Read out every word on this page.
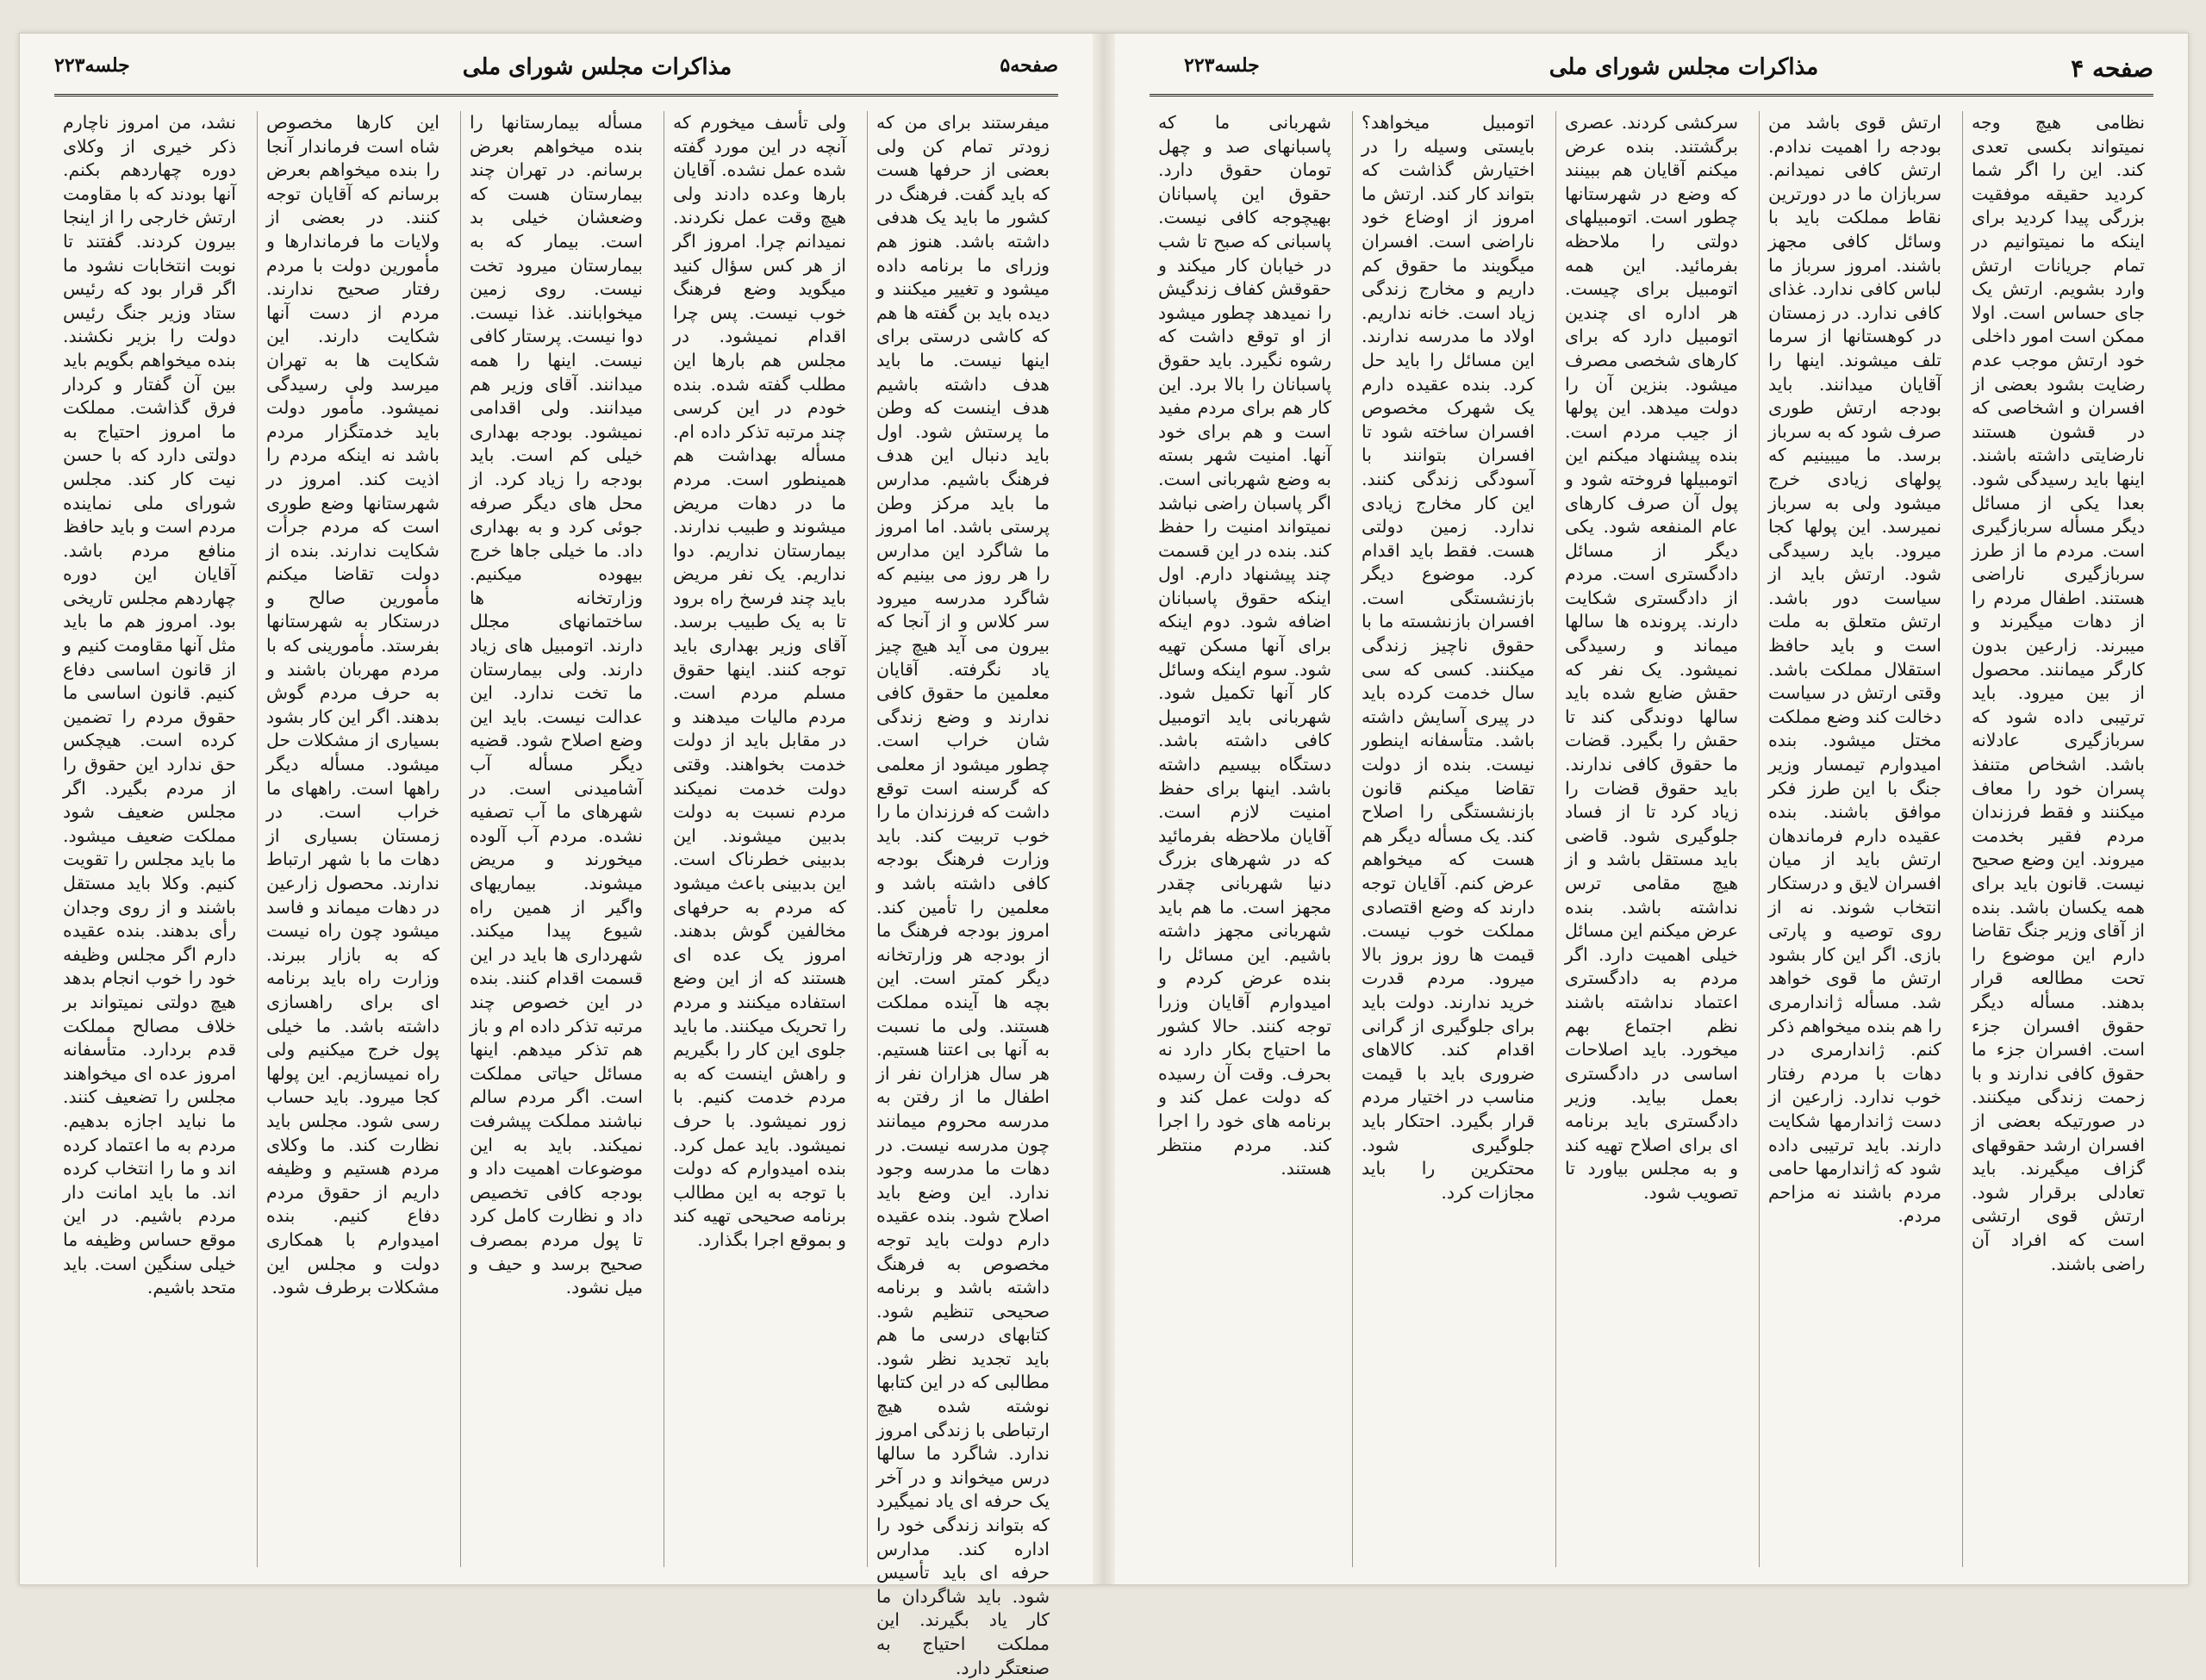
صفحه ۴
مذاکرات مجلس شورای ملی
جلسه۲۲۳

نظامی هیچ وجه نمیتواند بکسی تعدی کند. این را اگر شما کردید حقیقه موفقیت بزرگی پیدا کردید برای اینکه ما نمیتوانیم در تمام جریانات ارتش وارد بشویم. ارتش یک جای حساس است. اولا ممکن است امور داخلی خود ارتش موجب عدم رضایت بشود بعضی از افسران و اشخاصی که در قشون هستند نارضایتی داشته باشند. اینها باید رسیدگی شود. بعدا یکی از مسائل دیگر مسأله سربازگیری است. مردم ما از طرز سربازگیری ناراضی هستند. اطفال مردم را از دهات میگیرند و میبرند. زارعین بدون کارگر میمانند. محصول از بین میرود. باید ترتیبی داده شود که سربازگیری عادلانه باشد. اشخاص متنفذ پسران خود را معاف میکنند و فقط فرزندان مردم فقیر بخدمت میروند. این وضع صحیح نیست. قانون باید برای همه یکسان باشد. بنده از آقای وزیر جنگ تقاضا دارم این موضوع را تحت مطالعه قرار بدهند. مسأله دیگر حقوق افسران جزء است. افسران جزء ما حقوق کافی ندارند و با زحمت زندگی میکنند. در صورتیکه بعضی از افسران ارشد حقوقهای گزاف میگیرند. باید تعادلی برقرار شود. ارتش قوی ارتشی است که افراد آن راضی باشند.

ارتش قوی باشد من بودجه را اهمیت ندادم. ارتش کافی نمیدانم. سربازان ما در دورترین نقاط مملکت باید با وسائل کافی مجهز باشند. امروز سرباز ما لباس کافی ندارد. غذای کافی ندارد. در زمستان در کوهستانها از سرما تلف میشوند. اینها را آقایان میدانند. باید بودجه ارتش طوری صرف شود که به سرباز برسد. ما میبینیم که پولهای زیادی خرج میشود ولی به سرباز نمیرسد. این پولها کجا میرود. باید رسیدگی شود. ارتش باید از سیاست دور باشد. ارتش متعلق به ملت است و باید حافظ استقلال مملکت باشد. وقتی ارتش در سیاست دخالت کند وضع مملکت مختل میشود. بنده امیدوارم تیمسار وزیر جنگ با این طرز فکر موافق باشند. بنده عقیده دارم فرماندهان ارتش باید از میان افسران لایق و درستکار انتخاب شوند. نه از روی توصیه و پارتی بازی. اگر این کار بشود ارتش ما قوی خواهد شد. مسأله ژاندارمری را هم بنده میخواهم ذکر کنم. ژاندارمری در دهات با مردم رفتار خوب ندارد. زارعین از دست ژاندارمها شکایت دارند. باید ترتیبی داده شود که ژاندارمها حامی مردم باشند نه مزاحم مردم.

سرکشی کردند. عصری برگشتند. بنده عرض میکنم آقایان هم ببینند که وضع در شهرستانها چطور است. اتومبیلهای دولتی را ملاحظه بفرمائید. این همه اتومبیل برای چیست. هر اداره ای چندین اتومبیل دارد که برای کارهای شخصی مصرف میشود. بنزین آن را دولت میدهد. این پولها از جیب مردم است. بنده پیشنهاد میکنم این اتومبیلها فروخته شود و پول آن صرف کارهای عام المنفعه شود. یکی دیگر از مسائل دادگستری است. مردم از دادگستری شکایت دارند. پرونده ها سالها میماند و رسیدگی نمیشود. یک نفر که حقش ضایع شده باید سالها دوندگی کند تا حقش را بگیرد. قضات ما حقوق کافی ندارند. باید حقوق قضات را زیاد کرد تا از فساد جلوگیری شود. قاضی باید مستقل باشد و از هیچ مقامی ترس نداشته باشد. بنده عرض میکنم این مسائل خیلی اهمیت دارد. اگر مردم به دادگستری اعتماد نداشته باشند نظم اجتماع بهم میخورد. باید اصلاحات اساسی در دادگستری بعمل بیاید. وزیر دادگستری باید برنامه ای برای اصلاح تهیه کند و به مجلس بیاورد تا تصویب شود.

اتومبیل میخواهد؟ بایستی وسیله را در اختیارش گذاشت که بتواند کار کند. ارتش ما امروز از اوضاع خود ناراضی است. افسران میگویند ما حقوق کم داریم و مخارج زندگی زیاد است. خانه نداریم. اولاد ما مدرسه ندارند. این مسائل را باید حل کرد. بنده عقیده دارم یک شهرک مخصوص افسران ساخته شود تا افسران بتوانند با آسودگی زندگی کنند. این کار مخارج زیادی ندارد. زمین دولتی هست. فقط باید اقدام کرد. موضوع دیگر بازنشستگی است. افسران بازنشسته ما با حقوق ناچیز زندگی میکنند. کسی که سی سال خدمت کرده باید در پیری آسایش داشته باشد. متأسفانه اینطور نیست. بنده از دولت تقاضا میکنم قانون بازنشستگی را اصلاح کند. یک مسأله دیگر هم هست که میخواهم عرض کنم. آقایان توجه دارند که وضع اقتصادی مملکت خوب نیست. قیمت ها روز بروز بالا میرود. مردم قدرت خرید ندارند. دولت باید برای جلوگیری از گرانی اقدام کند. کالاهای ضروری باید با قیمت مناسب در اختیار مردم قرار بگیرد. احتکار باید جلوگیری شود. محتکرین را باید مجازات کرد.

شهربانی ما که پاسبانهای صد و چهل تومان حقوق دارد. حقوق این پاسبانان بهیچوجه کافی نیست. پاسبانی که صبح تا شب در خیابان کار میکند و حقوقش کفاف زندگیش را نمیدهد چطور میشود از او توقع داشت که رشوه نگیرد. باید حقوق پاسبانان را بالا برد. این کار هم برای مردم مفید است و هم برای خود آنها. امنیت شهر بسته به وضع شهربانی است. اگر پاسبان راضی نباشد نمیتواند امنیت را حفظ کند. بنده در این قسمت چند پیشنهاد دارم. اول اینکه حقوق پاسبانان اضافه شود. دوم اینکه برای آنها مسکن تهیه شود. سوم اینکه وسائل کار آنها تکمیل شود. شهربانی باید اتومبیل کافی داشته باشد. دستگاه بیسیم داشته باشد. اینها برای حفظ امنیت لازم است. آقایان ملاحظه بفرمائید که در شهرهای بزرگ دنیا شهربانی چقدر مجهز است. ما هم باید شهربانی مجهز داشته باشیم. این مسائل را بنده عرض کردم و امیدوارم آقایان وزرا توجه کنند. حالا کشور ما احتیاج بکار دارد نه بحرف. وقت آن رسیده که دولت عمل کند و برنامه های خود را اجرا کند. مردم منتظر هستند.

صفحه۵
مذاکرات مجلس شورای ملی
جلسه۲۲۳

میفرستند برای من که زودتر تمام کن ولی بعضی از حرفها هست که باید گفت. فرهنگ در کشور ما باید یک هدفی داشته باشد. هنوز هم وزرای ما برنامه داده میشود و تغییر میکنند و دیده باید بن گفته ها هم که کاشی درستی برای اینها نیست. ما باید هدف داشته باشیم هدف اینست که وطن ما پرستش شود. اول باید دنبال این هدف فرهنگ باشیم. مدارس ما باید مرکز وطن پرستی باشد. اما امروز ما شاگرد این مدارس را هر روز می بینیم که شاگرد مدرسه میرود سر کلاس و از آنجا که بیرون می آید هیچ چیز یاد نگرفته. آقایان معلمین ما حقوق کافی ندارند و وضع زندگی شان خراب است. چطور میشود از معلمی که گرسنه است توقع داشت که فرزندان ما را خوب تربیت کند. باید وزارت فرهنگ بودجه کافی داشته باشد و معلمین را تأمین کند. امروز بودجه فرهنگ ما از بودجه هر وزارتخانه دیگر کمتر است. این بچه ها آینده مملکت هستند. ولی ما نسبت به آنها بی اعتنا هستیم. هر سال هزاران نفر از اطفال ما از رفتن به مدرسه محروم میمانند چون مدرسه نیست. در دهات ما مدرسه وجود ندارد. این وضع باید اصلاح شود. بنده عقیده دارم دولت باید توجه مخصوص به فرهنگ داشته باشد و برنامه صحیحی تنظیم شود. کتابهای درسی ما هم باید تجدید نظر شود. مطالبی که در این کتابها نوشته شده هیچ ارتباطی با زندگی امروز ندارد. شاگرد ما سالها درس میخواند و در آخر یک حرفه ای یاد نمیگیرد که بتواند زندگی خود را اداره کند. مدارس حرفه ای باید تأسیس شود. باید شاگردان ما کار یاد بگیرند. این مملکت احتیاج به صنعتگر دارد.

ولی تأسف میخورم که آنچه در این مورد گفته شده عمل نشده. آقایان بارها وعده دادند ولی هیچ وقت عمل نکردند. نمیدانم چرا. امروز اگر از هر کس سؤال کنید میگوید وضع فرهنگ خوب نیست. پس چرا اقدام نمیشود. در مجلس هم بارها این مطلب گفته شده. بنده خودم در این کرسی چند مرتبه تذکر داده ام. مسأله بهداشت هم همینطور است. مردم ما در دهات مریض میشوند و طبیب ندارند. بیمارستان نداریم. دوا نداریم. یک نفر مریض باید چند فرسخ راه برود تا به یک طبیب برسد. آقای وزیر بهداری باید توجه کنند. اینها حقوق مسلم مردم است. مردم مالیات میدهند و در مقابل باید از دولت خدمت بخواهند. وقتی دولت خدمت نمیکند مردم نسبت به دولت بدبین میشوند. این بدبینی خطرناک است. این بدبینی باعث میشود که مردم به حرفهای مخالفین گوش بدهند. امروز یک عده ای هستند که از این وضع استفاده میکنند و مردم را تحریک میکنند. ما باید جلوی این کار را بگیریم و راهش اینست که به مردم خدمت کنیم. با زور نمیشود. با حرف نمیشود. باید عمل کرد. بنده امیدوارم که دولت با توجه به این مطالب برنامه صحیحی تهیه کند و بموقع اجرا بگذارد.

مسأله بیمارستانها را بنده میخواهم بعرض برسانم. در تهران چند بیمارستان هست که وضعشان خیلی بد است. بیمار که به بیمارستان میرود تخت نیست. روی زمین میخوابانند. غذا نیست. دوا نیست. پرستار کافی نیست. اینها را همه میدانند. آقای وزیر هم میدانند. ولی اقدامی نمیشود. بودجه بهداری خیلی کم است. باید بودجه را زیاد کرد. از محل های دیگر صرفه جوئی کرد و به بهداری داد. ما خیلی جاها خرج بیهوده میکنیم. وزارتخانه ها ساختمانهای مجلل دارند. اتومبیل های زیاد دارند. ولی بیمارستان ما تخت ندارد. این عدالت نیست. باید این وضع اصلاح شود. قضیه دیگر مسأله آب آشامیدنی است. در شهرهای ما آب تصفیه نشده. مردم آب آلوده میخورند و مریض میشوند. بیماریهای واگیر از همین راه شیوع پیدا میکند. شهرداری ها باید در این قسمت اقدام کنند. بنده در این خصوص چند مرتبه تذکر داده ام و باز هم تذکر میدهم. اینها مسائل حیاتی مملکت است. اگر مردم سالم نباشند مملکت پیشرفت نمیکند. باید به این موضوعات اهمیت داد و بودجه کافی تخصیص داد و نظارت کامل کرد تا پول مردم بمصرف صحیح برسد و حیف و میل نشود.

این کارها مخصوص شاه است فرماندار آنجا را بنده میخواهم بعرض برسانم که آقایان توجه کنند. در بعضی از ولایات ما فرماندارها و مأمورین دولت با مردم رفتار صحیح ندارند. مردم از دست آنها شکایت دارند. این شکایت ها به تهران میرسد ولی رسیدگی نمیشود. مأمور دولت باید خدمتگزار مردم باشد نه اینکه مردم را اذیت کند. امروز در شهرستانها وضع طوری است که مردم جرأت شکایت ندارند. بنده از دولت تقاضا میکنم مأمورین صالح و درستکار به شهرستانها بفرستد. مأمورینی که با مردم مهربان باشند و به حرف مردم گوش بدهند. اگر این کار بشود بسیاری از مشکلات حل میشود. مسأله دیگر راهها است. راههای ما خراب است. در زمستان بسیاری از دهات ما با شهر ارتباط ندارند. محصول زارعین در دهات میماند و فاسد میشود چون راه نیست که به بازار ببرند. وزارت راه باید برنامه ای برای راهسازی داشته باشد. ما خیلی پول خرج میکنیم ولی راه نمیسازیم. این پولها کجا میرود. باید حساب رسی شود. مجلس باید نظارت کند. ما وکلای مردم هستیم و وظیفه داریم از حقوق مردم دفاع کنیم. بنده امیدوارم با همکاری دولت و مجلس این مشکلات برطرف شود.

نشد، من امروز ناچارم ذکر خیری از وکلای دوره چهاردهم بکنم. آنها بودند که با مقاومت ارتش خارجی را از اینجا بیرون کردند. گفتند تا نوبت انتخابات نشود ما اگر قرار بود که رئیس ستاد وزیر جنگ رئیس دولت را بزیر نکشند. بنده میخواهم بگویم باید بین آن گفتار و کردار فرق گذاشت. مملکت ما امروز احتیاج به دولتی دارد که با حسن نیت کار کند. مجلس شورای ملی نماینده مردم است و باید حافظ منافع مردم باشد. آقایان این دوره چهاردهم مجلس تاریخی بود. امروز هم ما باید مثل آنها مقاومت کنیم و از قانون اساسی دفاع کنیم. قانون اساسی ما حقوق مردم را تضمین کرده است. هیچکس حق ندارد این حقوق را از مردم بگیرد. اگر مجلس ضعیف شود مملکت ضعیف میشود. ما باید مجلس را تقویت کنیم. وکلا باید مستقل باشند و از روی وجدان رأی بدهند. بنده عقیده دارم اگر مجلس وظیفه خود را خوب انجام بدهد هیچ دولتی نمیتواند بر خلاف مصالح مملکت قدم بردارد. متأسفانه امروز عده ای میخواهند مجلس را تضعیف کنند. ما نباید اجازه بدهیم. مردم به ما اعتماد کرده اند و ما را انتخاب کرده اند. ما باید امانت دار مردم باشیم. در این موقع حساس وظیفه ما خیلی سنگین است. باید متحد باشیم.
